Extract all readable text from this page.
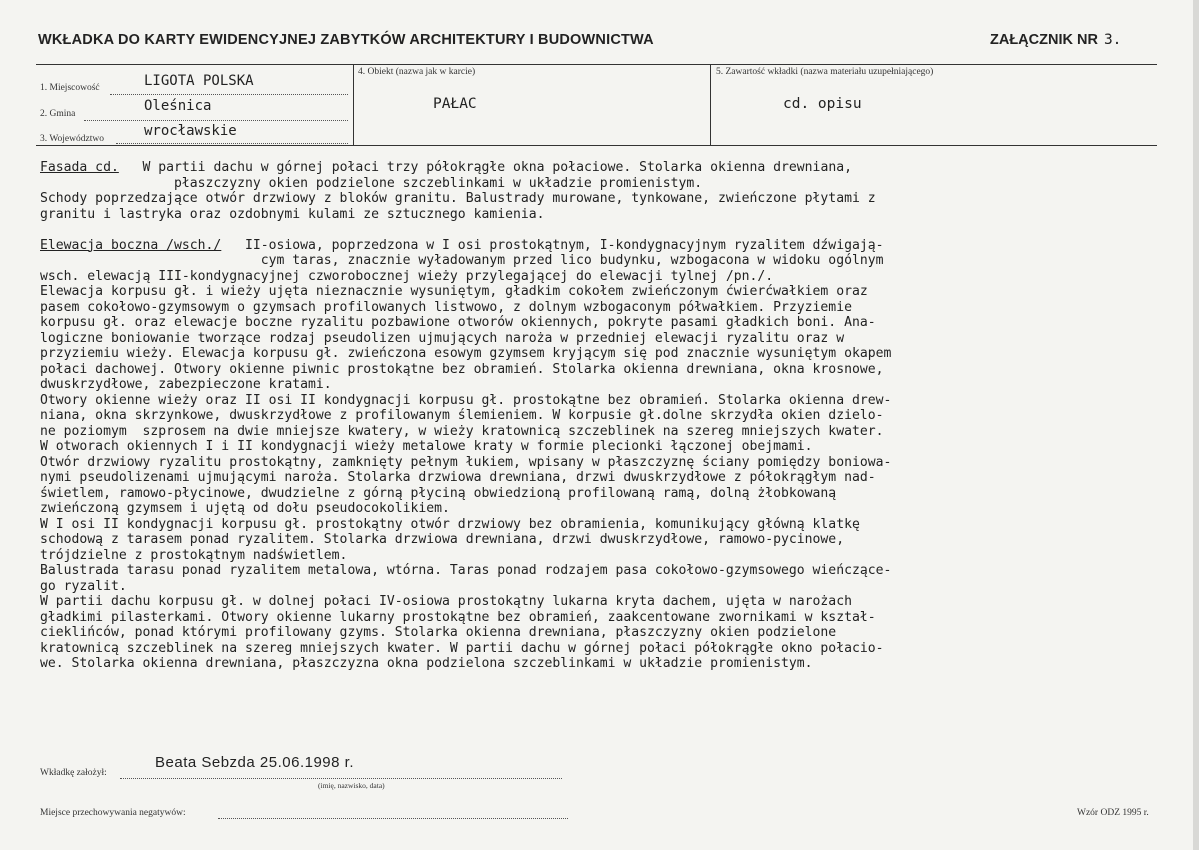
WKŁADKA DO KARTY EWIDENCYJNEJ ZABYTKÓW ARCHITEKTURY I BUDOWNICTWA	ZAŁĄCZNIK NR 3.
1. Miejscowość	LIGOTA POLSKA
2. Gmina	Oleśnica
3. Województwo	wrocławskie
4. Obiekt (nazwa jak w karcie)
PAŁAC
5. Zawartość wkładki (nazwa materiału uzupełniającego)
cd. opisu
Fasada cd.   W partii dachu w górnej połaci trzy półokrągłe okna połaciowe. Stolarka okienna drewniana,
płaszczyzny okien podzielone szczeblinkami w układzie promienistym.
Schody poprzedzające otwór drzwiowy z bloków granitu. Balustrady murowane, tynkowane, zwieńczone płytami z
granitu i lastryka oraz ozdobnymi kulami ze sztucznego kamienia.
Elewacja boczna /wsch./   II-osiowa, poprzedzona w I osi prostokątnym, I-kondygnacyjnym ryzalitem dźwigają-
cym taras, znacznie wyładowanym przed lico budynku, wzbogacona w widoku ogólnym
wsch. elewacją III-kondygnacyjnej czworobocznej wieży przylegającej do elewacji tylnej /pn./.
Elewacja korpusu gł. i wieży ujęta nieznacznie wysuniętym, gładkim cokołem zwieńczonym ćwierćwałkiem oraz
pasem cokołowo-gzymsowym o gzymsach profilowanych listwowo, z dolnym wzbogaconym półwałkiem. Przyziemie
korpusu gł. oraz elewacje boczne ryzalitu pozbawione otworów okiennych, pokryte pasami gładkich boni. Ana-
logiczne boniowanie tworzące rodzaj pseudolizen ujmujących naroża w przedniej elewacji ryzalitu oraz w
przyziemiu wieży. Elewacja korpusu gł. zwieńczona esowym gzymsem kryjącym się pod znacznie wysuniętym okapem
połaci dachowej. Otwory okienne piwnic prostokątne bez obramień. Stolarka okienna drewniana, okna krosnowe,
dwuskrzydłowe, zabezpieczone kratami.
Otwory okienne wieży oraz II osi II kondygnacji korpusu gł. prostokątne bez obramień. Stolarka okienna drew-
niana, okna skrzynkowe, dwuskrzydłowe z profilowanym ślemieniem. W korpusie gł.dolne skrzydła okien dzielo-
ne poziomym  szprosem na dwie mniejsze kwatery, w wieży kratownicą szczeblinek na szereg mniejszych kwater.
W otworach okiennych I i II kondygnacji wieży metalowe kraty w formie plecionki łączonej obejmami.
Otwór drzwiowy ryzalitu prostokątny, zamknięty pełnym łukiem, wpisany w płaszczyznę ściany pomiędzy boniowa-
nymi pseudolizenami ujmującymi naroża. Stolarka drzwiowa drewniana, drzwi dwuskrzydłowe z półokrągłym nad-
świetlem, ramowo-płycinowe, dwudzielne z górną płyciną obwiedzioną profilowaną ramą, dolną żłobkowaną
zwieńczoną gzymsem i ujętą od dołu pseudocokolikiem.
W I osi II kondygnacji korpusu gł. prostokątny otwór drzwiowy bez obramienia, komunikujący główną klatkę
schodową z tarasem ponad ryzalitem. Stolarka drzwiowa drewniana, drzwi dwuskrzydłowe, ramowo-pycinowe,
trójdzielne z prostokątnym nadświetlem.
Balustrada tarasu ponad ryzalitem metalowa, wtórna. Taras ponad rodzajem pasa cokołowo-gzymsowego wieńczące-
go ryzalit.
W partii dachu korpusu gł. w dolnej połaci IV-osiowa prostokątny lukarna kryta dachem, ujęta w narożach
gładkimi pilasterkami. Otwory okienne lukarny prostokątne bez obramień, zaakcentowane zwornikami w kształ-
cieklińców, ponad którymi profilowany gzyms. Stolarka okienna drewniana, płaszczyzny okien podzielone
kratownicą szczeblinek na szereg mniejszych kwater. W partii dachu w górnej połaci półokrągłe okno połacio-
we. Stolarka okienna drewniana, płaszczyzna okna podzielona szczeblinkami w układzie promienistym.
Wkładkę założył:
Beata Sebzda 25.06.1998 r.
(imię, nazwisko, data)
Miejsce przechowywania negatywów:	Wzór ODZ 1995 r.
